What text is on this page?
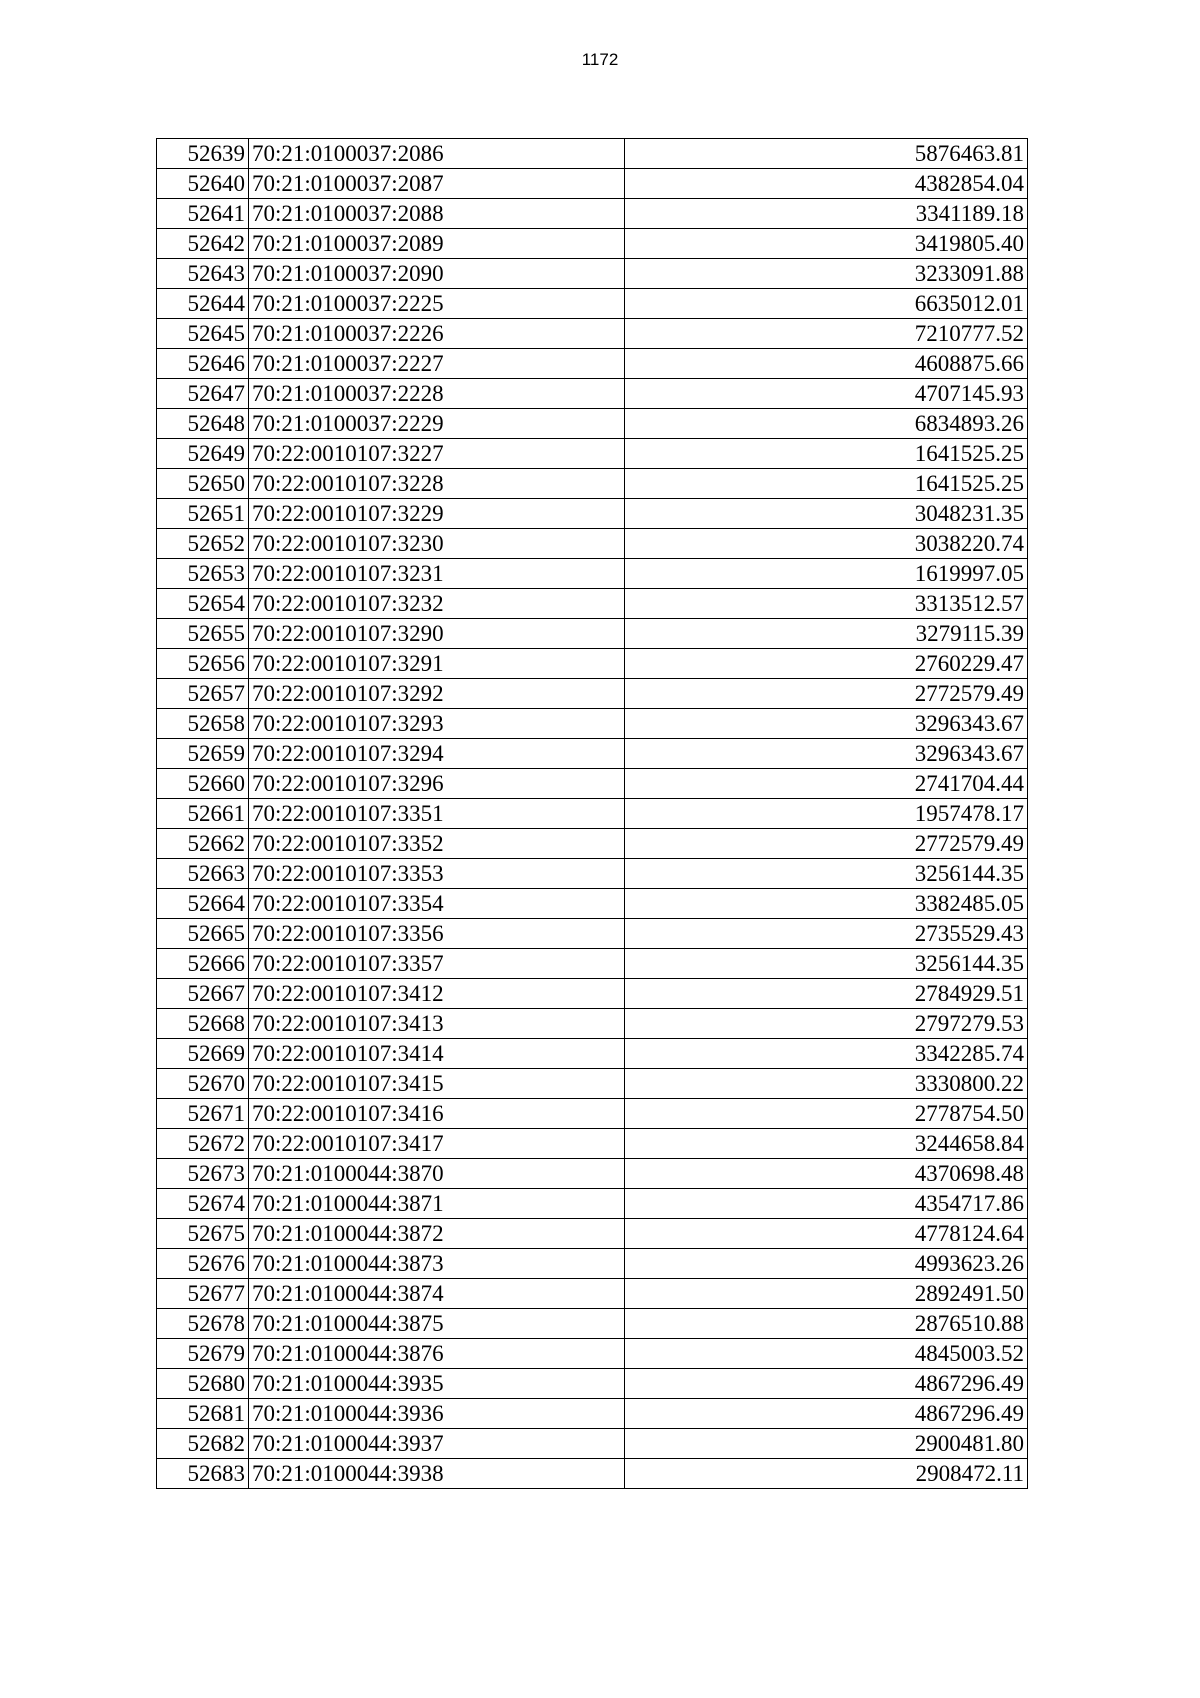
1172
52639	70:21:0100037:2086	5876463.81
52640	70:21:0100037:2087	4382854.04
52641	70:21:0100037:2088	3341189.18
52642	70:21:0100037:2089	3419805.40
52643	70:21:0100037:2090	3233091.88
52644	70:21:0100037:2225	6635012.01
52645	70:21:0100037:2226	7210777.52
52646	70:21:0100037:2227	4608875.66
52647	70:21:0100037:2228	4707145.93
52648	70:21:0100037:2229	6834893.26
52649	70:22:0010107:3227	1641525.25
52650	70:22:0010107:3228	1641525.25
52651	70:22:0010107:3229	3048231.35
52652	70:22:0010107:3230	3038220.74
52653	70:22:0010107:3231	1619997.05
52654	70:22:0010107:3232	3313512.57
52655	70:22:0010107:3290	3279115.39
52656	70:22:0010107:3291	2760229.47
52657	70:22:0010107:3292	2772579.49
52658	70:22:0010107:3293	3296343.67
52659	70:22:0010107:3294	3296343.67
52660	70:22:0010107:3296	2741704.44
52661	70:22:0010107:3351	1957478.17
52662	70:22:0010107:3352	2772579.49
52663	70:22:0010107:3353	3256144.35
52664	70:22:0010107:3354	3382485.05
52665	70:22:0010107:3356	2735529.43
52666	70:22:0010107:3357	3256144.35
52667	70:22:0010107:3412	2784929.51
52668	70:22:0010107:3413	2797279.53
52669	70:22:0010107:3414	3342285.74
52670	70:22:0010107:3415	3330800.22
52671	70:22:0010107:3416	2778754.50
52672	70:22:0010107:3417	3244658.84
52673	70:21:0100044:3870	4370698.48
52674	70:21:0100044:3871	4354717.86
52675	70:21:0100044:3872	4778124.64
52676	70:21:0100044:3873	4993623.26
52677	70:21:0100044:3874	2892491.50
52678	70:21:0100044:3875	2876510.88
52679	70:21:0100044:3876	4845003.52
52680	70:21:0100044:3935	4867296.49
52681	70:21:0100044:3936	4867296.49
52682	70:21:0100044:3937	2900481.80
52683	70:21:0100044:3938	2908472.11
